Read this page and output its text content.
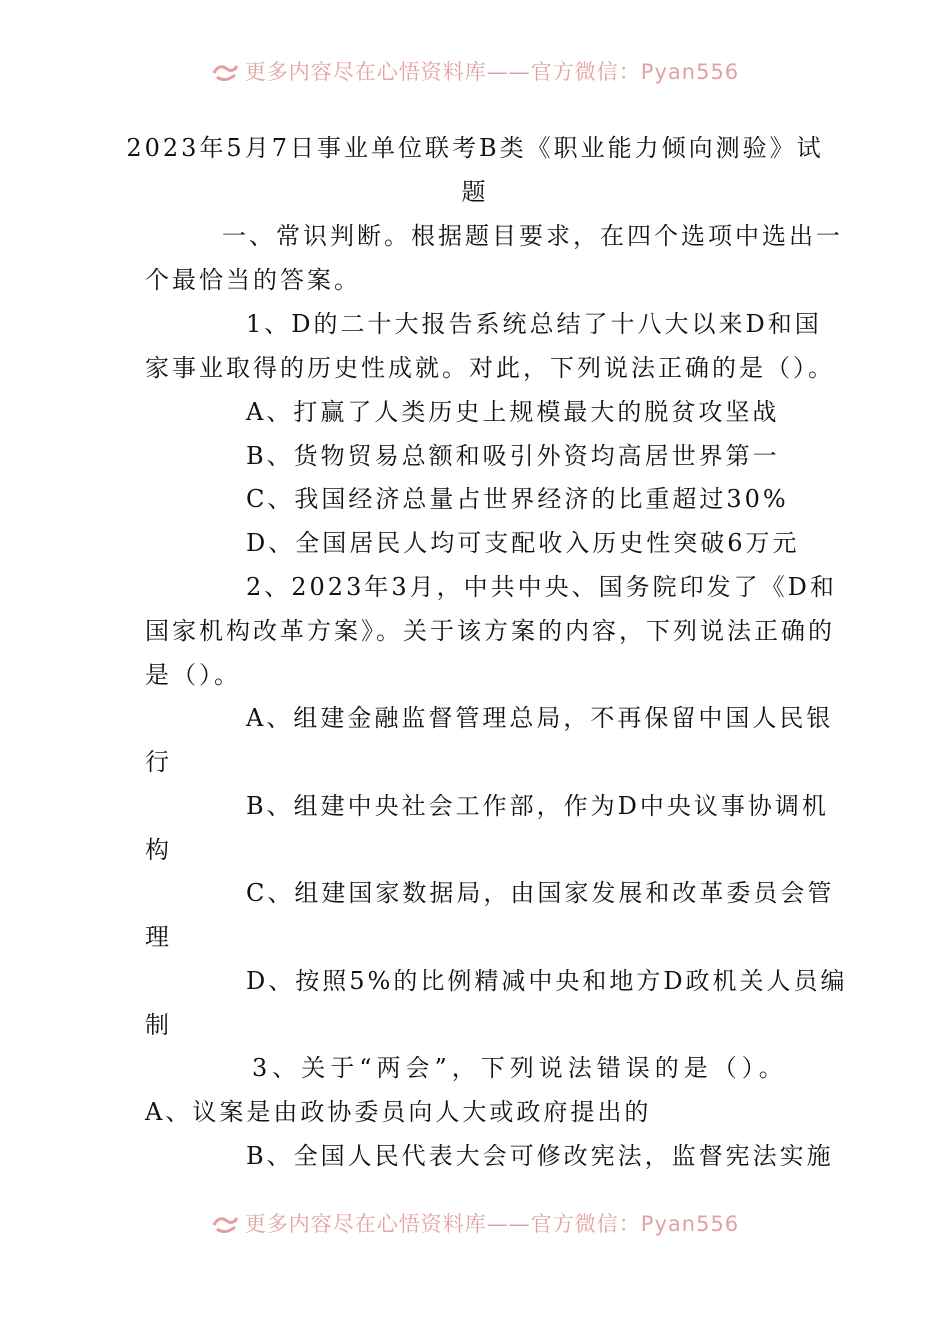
更多内容尽在心悟资料库——官方微信：Pyan556
2023年5月7日事业单位联考B类《职业能力倾向测验》试
题
一、常识判断。根据题目要求，在四个选项中选出一
个最恰当的答案。
1、D的二十大报告系统总结了十八大以来D和国
家事业取得的历史性成就。对此，下列说法正确的是（）。
A、打赢了人类历史上规模最大的脱贫攻坚战
B、货物贸易总额和吸引外资均高居世界第一
C、我国经济总量占世界经济的比重超过30%
D、全国居民人均可支配收入历史性突破6万元
2、2023年3月，中共中央、国务院印发了《D和
国家机构改革方案》。关于该方案的内容，下列说法正确的
是（）。
A、组建金融监督管理总局，不再保留中国人民银
行
B、组建中央社会工作部，作为D中央议事协调机
构
C、组建国家数据局，由国家发展和改革委员会管
理
D、按照5%的比例精减中央和地方D政机关人员编
制
3、关于“两会”，下列说法错误的是（）。
A、议案是由政协委员向人大或政府提出的
B、全国人民代表大会可修改宪法，监督宪法实施
更多内容尽在心悟资料库——官方微信：Pyan556
